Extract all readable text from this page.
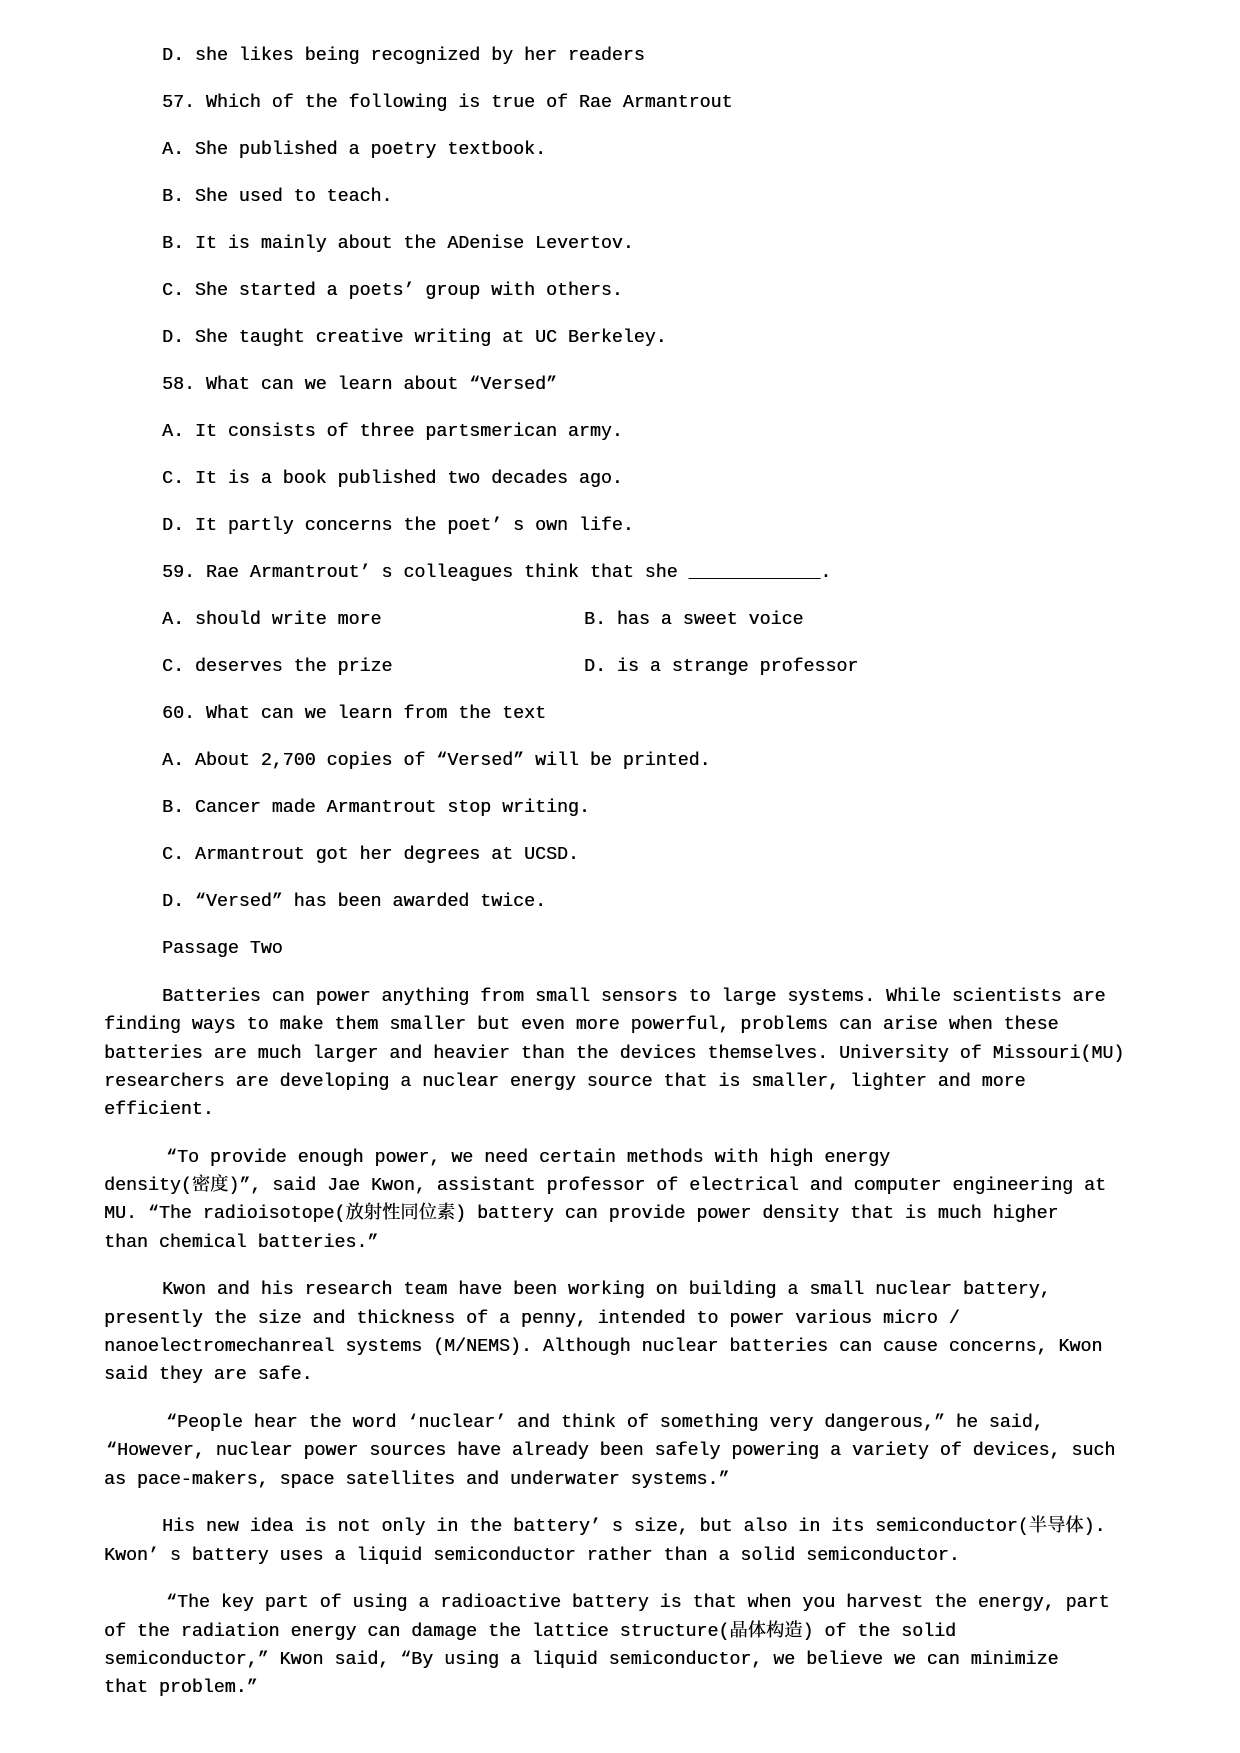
D. she likes being recognized by her readers
57. Which of the following is true of Rae Armantrout
A. She published a poetry textbook.
B. She used to teach.
B. It is mainly about the ADenise Levertov.
C. She started a poets’ group with others.
D. She taught creative writing at UC Berkeley.
58. What can we learn about “Versed”
A. It consists of three partsmerican army.
C. It is a book published two decades ago.
D. It partly concerns the poet’ s own life.
59. Rae Armantrout’ s colleagues think that she ____________.

A. should write more

	B. has a sweet voice

C. deserves the prize

	D. is a strange professor

60. What can we learn from the text
A. About 2,700 copies of “Versed” will be printed.
B. Cancer made Armantrout stop writing.
C. Armantrout got her degrees at UCSD.
D. “Versed” has been awarded twice.
Passage Two
Batteries can power anything from small sensors to large systems. While scientists are
finding ways to make them smaller but even more powerful, problems can arise when these
batteries are much larger and heavier than the devices themselves. University of Missouri(MU)
researchers are developing a nuclear energy source that is smaller, lighter and more
efficient.
“To provide enough power, we need certain methods with high energy
density(密度)”, said Jae Kwon, assistant professor of electrical and computer engineering at
MU. “The radioisotope(放射性同位素) battery can provide power density that is much higher
than chemical batteries.”
Kwon and his research team have been working on building a small nuclear battery,
presently the size and thickness of a penny, intended to power various micro /
nanoelectromechanreal systems (M/NEMS). Although nuclear batteries can cause concerns, Kwon
said they are safe.
“People hear the word ‘nuclear’ and think of something very dangerous,” he said,
“However, nuclear power sources have already been safely powering a variety of devices, such
as pace-makers, space satellites and underwater systems.”
His new idea is not only in the battery’ s size, but also in its semiconductor(半导体).
Kwon’ s battery uses a liquid semiconductor rather than a solid semiconductor.
“The key part of using a radioactive battery is that when you harvest the energy, part
of the radiation energy can damage the lattice structure(晶体构造) of the solid
semiconductor,” Kwon said, “By using a liquid semiconductor, we believe we can minimize
that problem.”
